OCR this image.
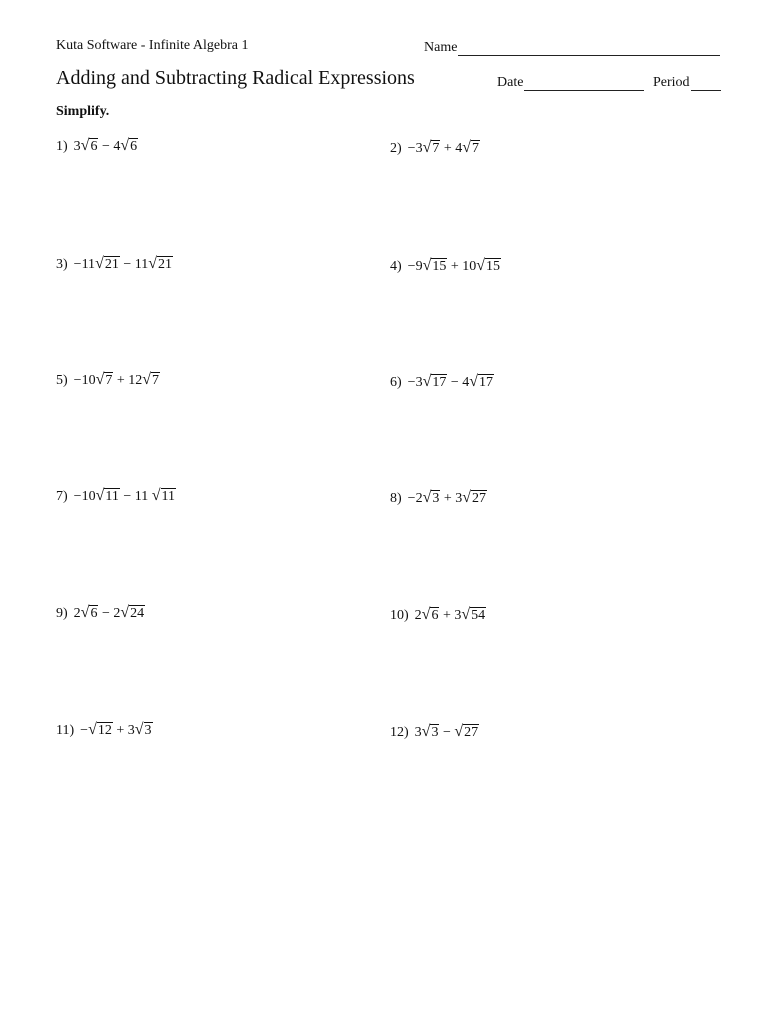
Kuta Software - Infinite Algebra 1	Name
Adding and Subtracting Radical Expressions	Date	Period
Simplify.
1) 3 √ 6 − 4 √ 6	2) −3 √ 7 + 4 √ 7
3) −11 √ 21 − 11 √ 21	4) −9 √ 15 + 10 √ 15
5) −10 √ 7 + 12 √ 7	6) −3 √ 17 − 4 √ 17
7) −10 √ 11 − 11 √ 11	8) −2 √ 3 + 3 √ 27
9) 2 √ 6 − 2 √ 24	10) 2 √ 6 + 3 √ 54
11) − √ 12 + 3 √ 3	12) 3 √ 3 − √ 27
